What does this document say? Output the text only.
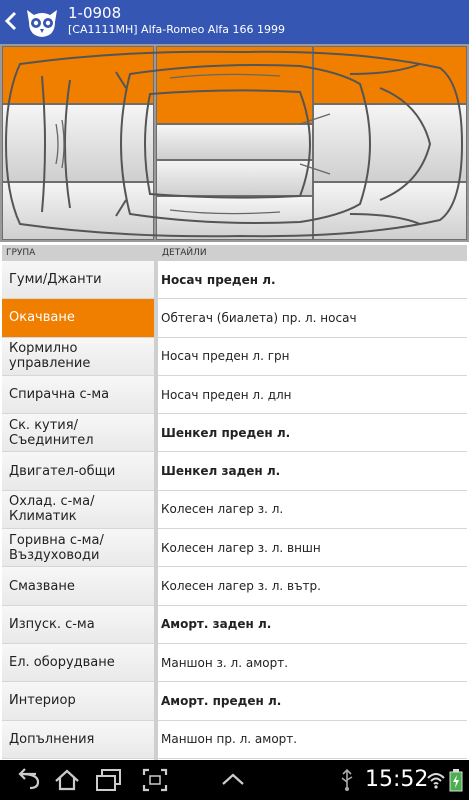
1-0908
[CA1111MH] Alfa-Romeo Alfa 166 1999
ГРУПА	ДЕТАЙЛИ
Гуми/Джанти
Окачване
Кормилно управление
Спирачна с-ма
Ск. кутия/ Съединител
Двигател-общи
Охлад. с-ма/ Климатик
Горивна с-ма/ Въздуховоди
Смазване
Изпуск. с-ма
Ел. оборудване
Интериор
Допълнения
Носач преден л.
Обтегач (биалета) пр. л. носач
Носач преден л. грн
Носач преден л. длн
Шенкел преден л.
Шенкел заден л.
Колесен лагер з. л.
Колесен лагер з. л. вншн
Колесен лагер з. л. вътр.
Аморт. заден л.
Маншон з. л. аморт.
Аморт. преден л.
Маншон пр. л. аморт.
15:52
